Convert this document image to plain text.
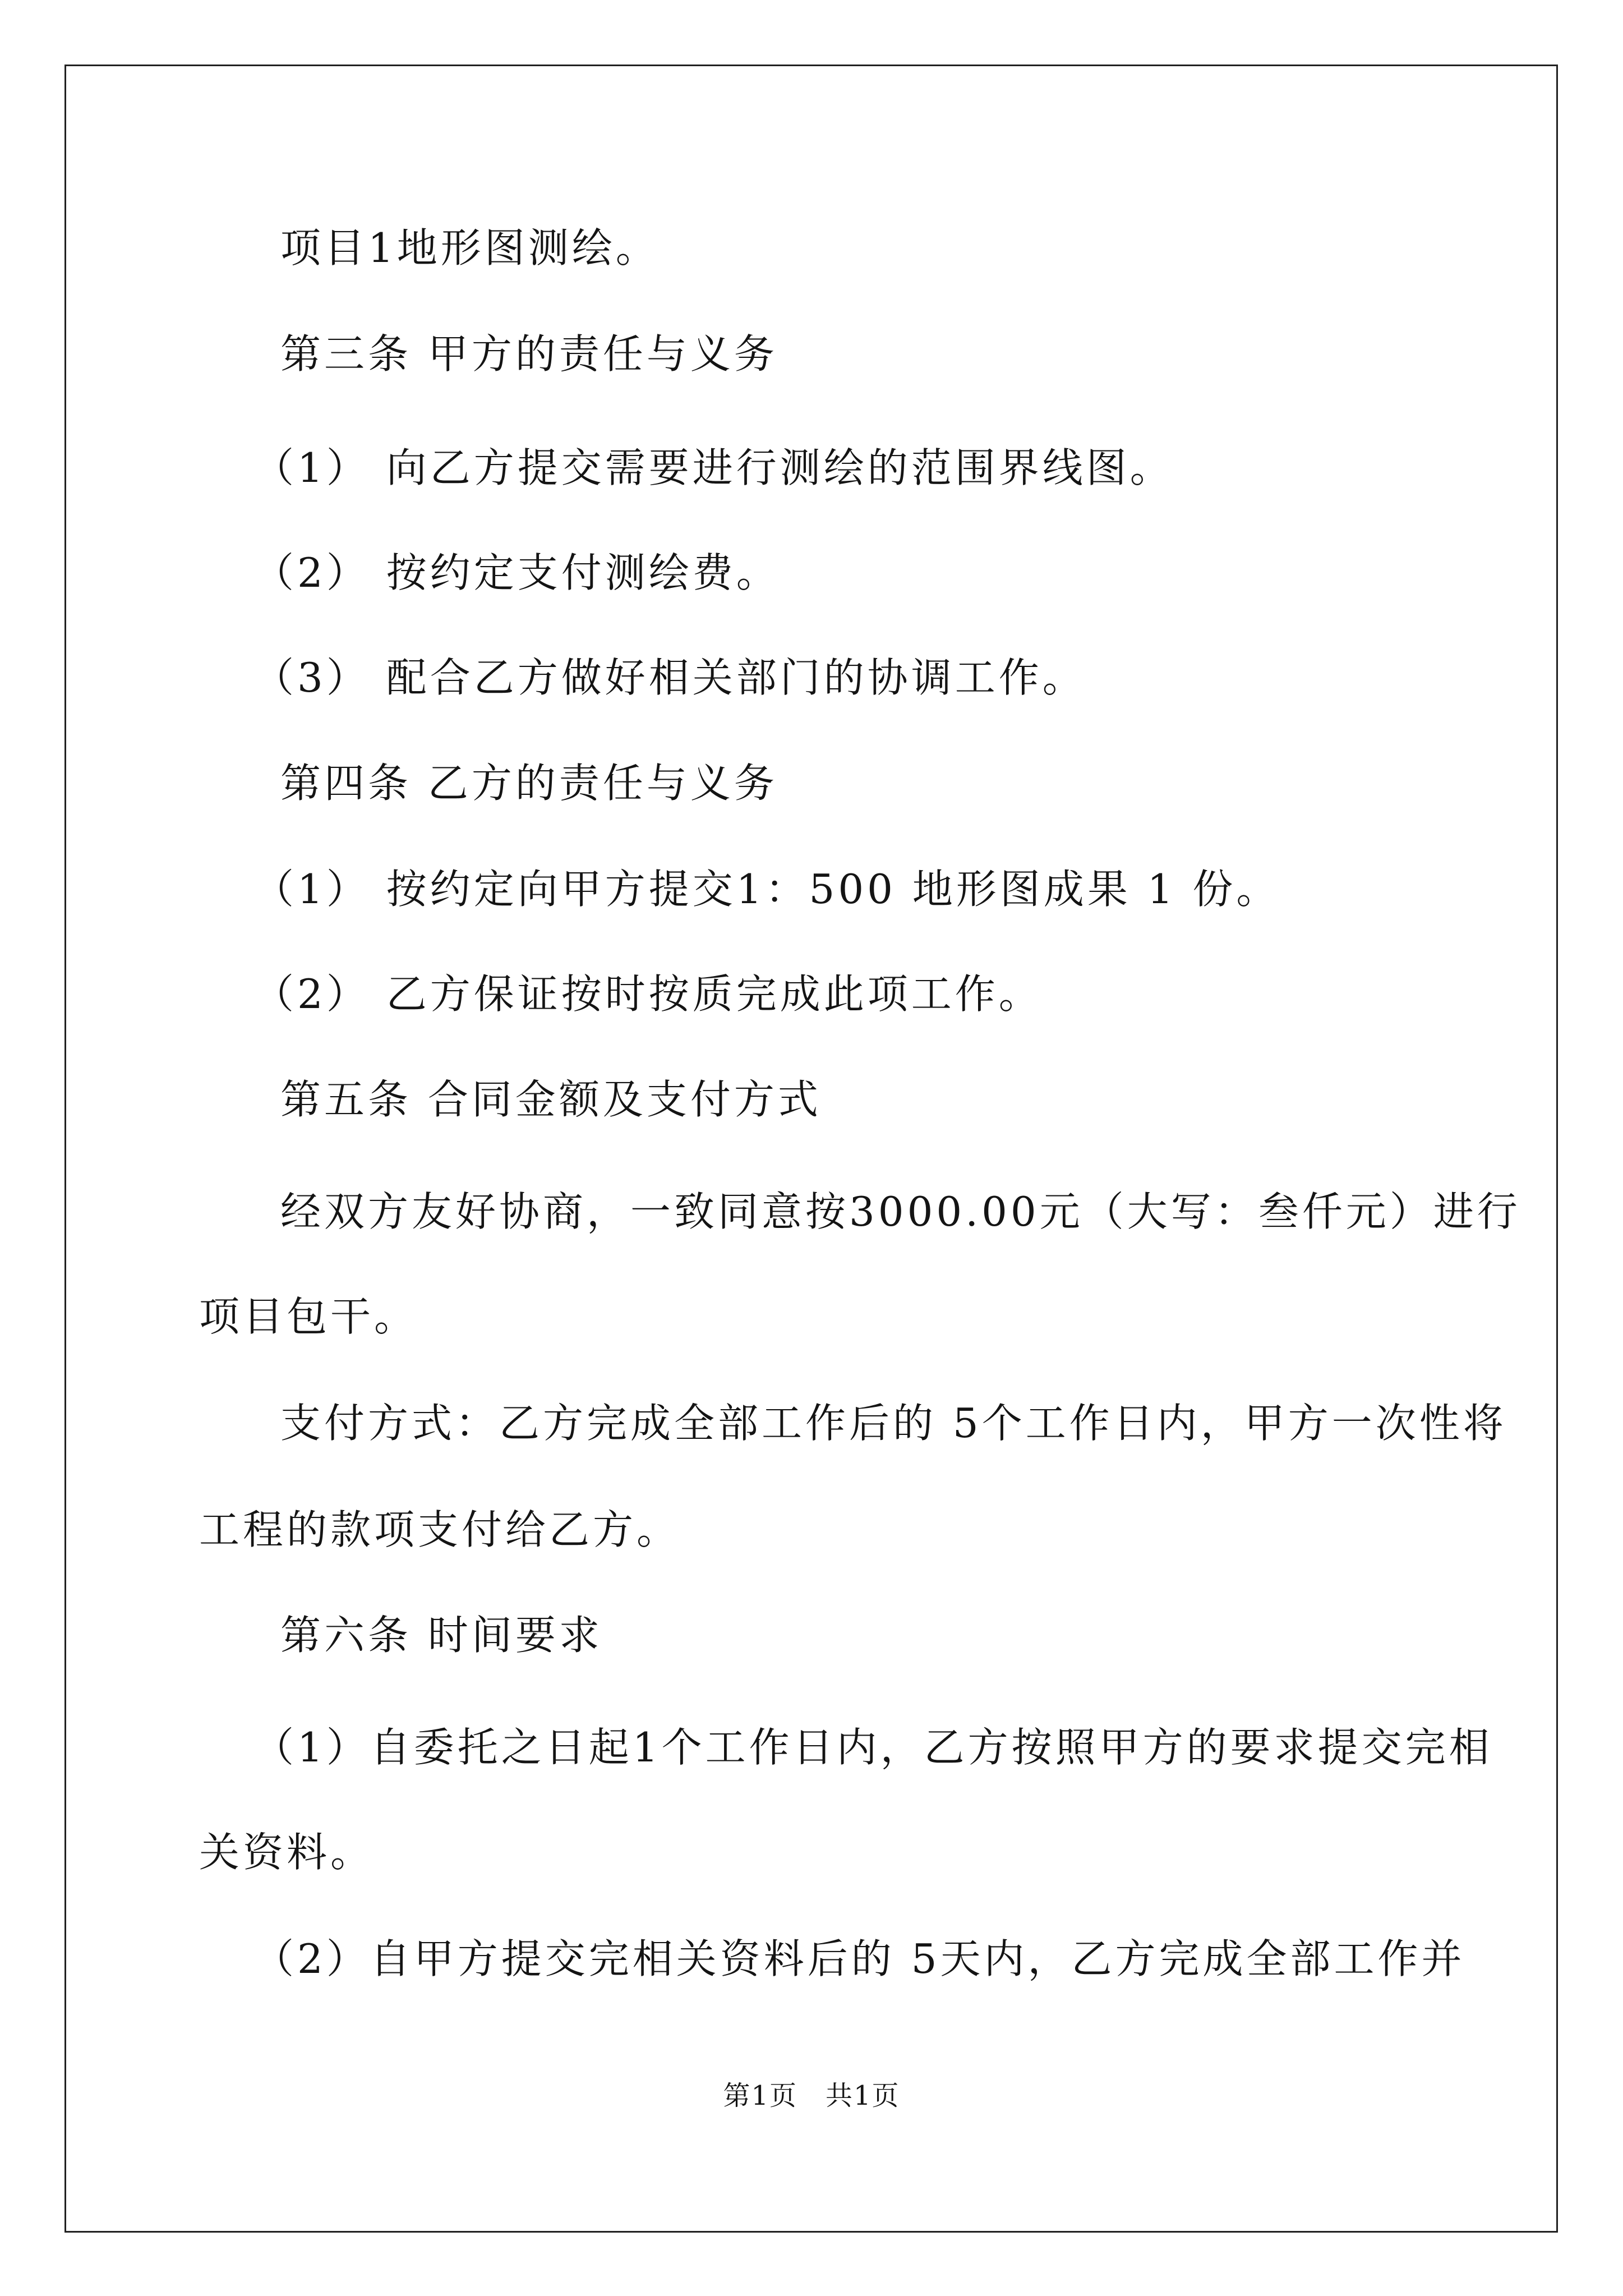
项目1地形图测绘。
第三条 甲方的责任与义务
（1） 向乙方提交需要进行测绘的范围界线图。
（2） 按约定支付测绘费。
（3） 配合乙方做好相关部门的协调工作。
第四条 乙方的责任与义务
（1） 按约定向甲方提交1：500 地形图成果 1 份。
（2） 乙方保证按时按质完成此项工作。
第五条 合同金额及支付方式
经双方友好协商，一致同意按3000.00元（大写：叁仟元）进行
项目包干。
支付方式：乙方完成全部工作后的 5个工作日内，甲方一次性将
工程的款项支付给乙方。
第六条 时间要求
（1）自委托之日起1个工作日内，乙方按照甲方的要求提交完相
关资料。
（2）自甲方提交完相关资料后的 5天内，乙方完成全部工作并
第1页　共1页
